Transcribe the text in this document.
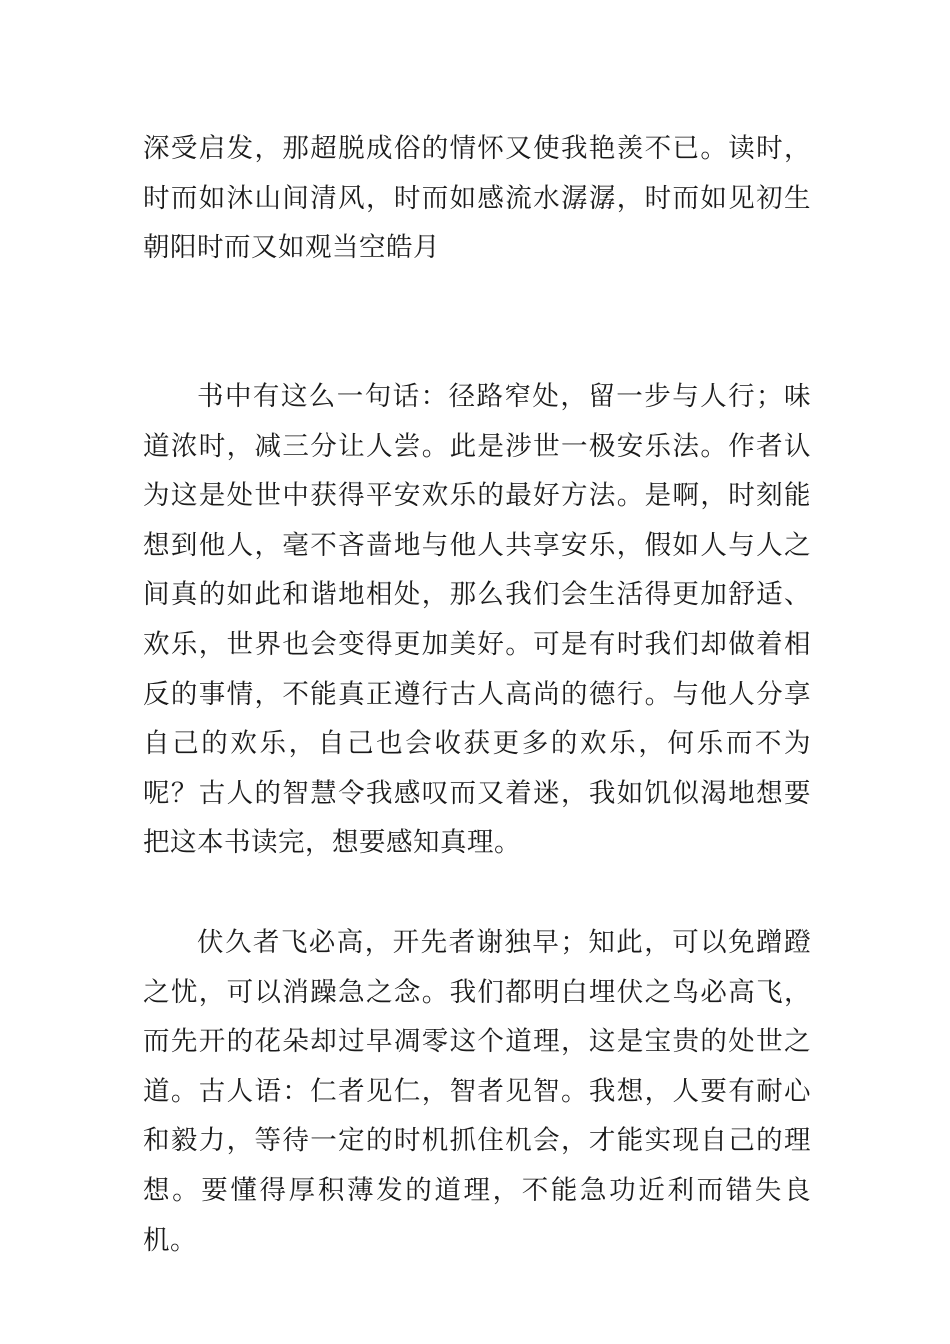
深受启发，那超脱成俗的情怀又使我艳羡不已。读时，时而如沐山间清风，时而如感流水潺潺，时而如见初生朝阳时而又如观当空皓月

书中有这么一句话：径路窄处，留一步与人行；味道浓时，减三分让人尝。此是涉世一极安乐法。作者认为这是处世中获得平安欢乐的最好方法。是啊，时刻能想到他人，毫不吝啬地与他人共享安乐，假如人与人之间真的如此和谐地相处，那么我们会生活得更加舒适、欢乐，世界也会变得更加美好。可是有时我们却做着相反的事情，不能真正遵行古人高尚的德行。与他人分享自己的欢乐，自己也会收获更多的欢乐，何乐而不为呢？古人的智慧令我感叹而又着迷，我如饥似渴地想要把这本书读完，想要感知真理。

伏久者飞必高，开先者谢独早；知此，可以免蹭蹬之忧，可以消躁急之念。我们都明白埋伏之鸟必高飞，而先开的花朵却过早凋零这个道理，这是宝贵的处世之道。古人语：仁者见仁，智者见智。我想，人要有耐心和毅力，等待一定的时机抓住机会，才能实现自己的理想。要懂得厚积薄发的道理，不能急功近利而错失良机。
